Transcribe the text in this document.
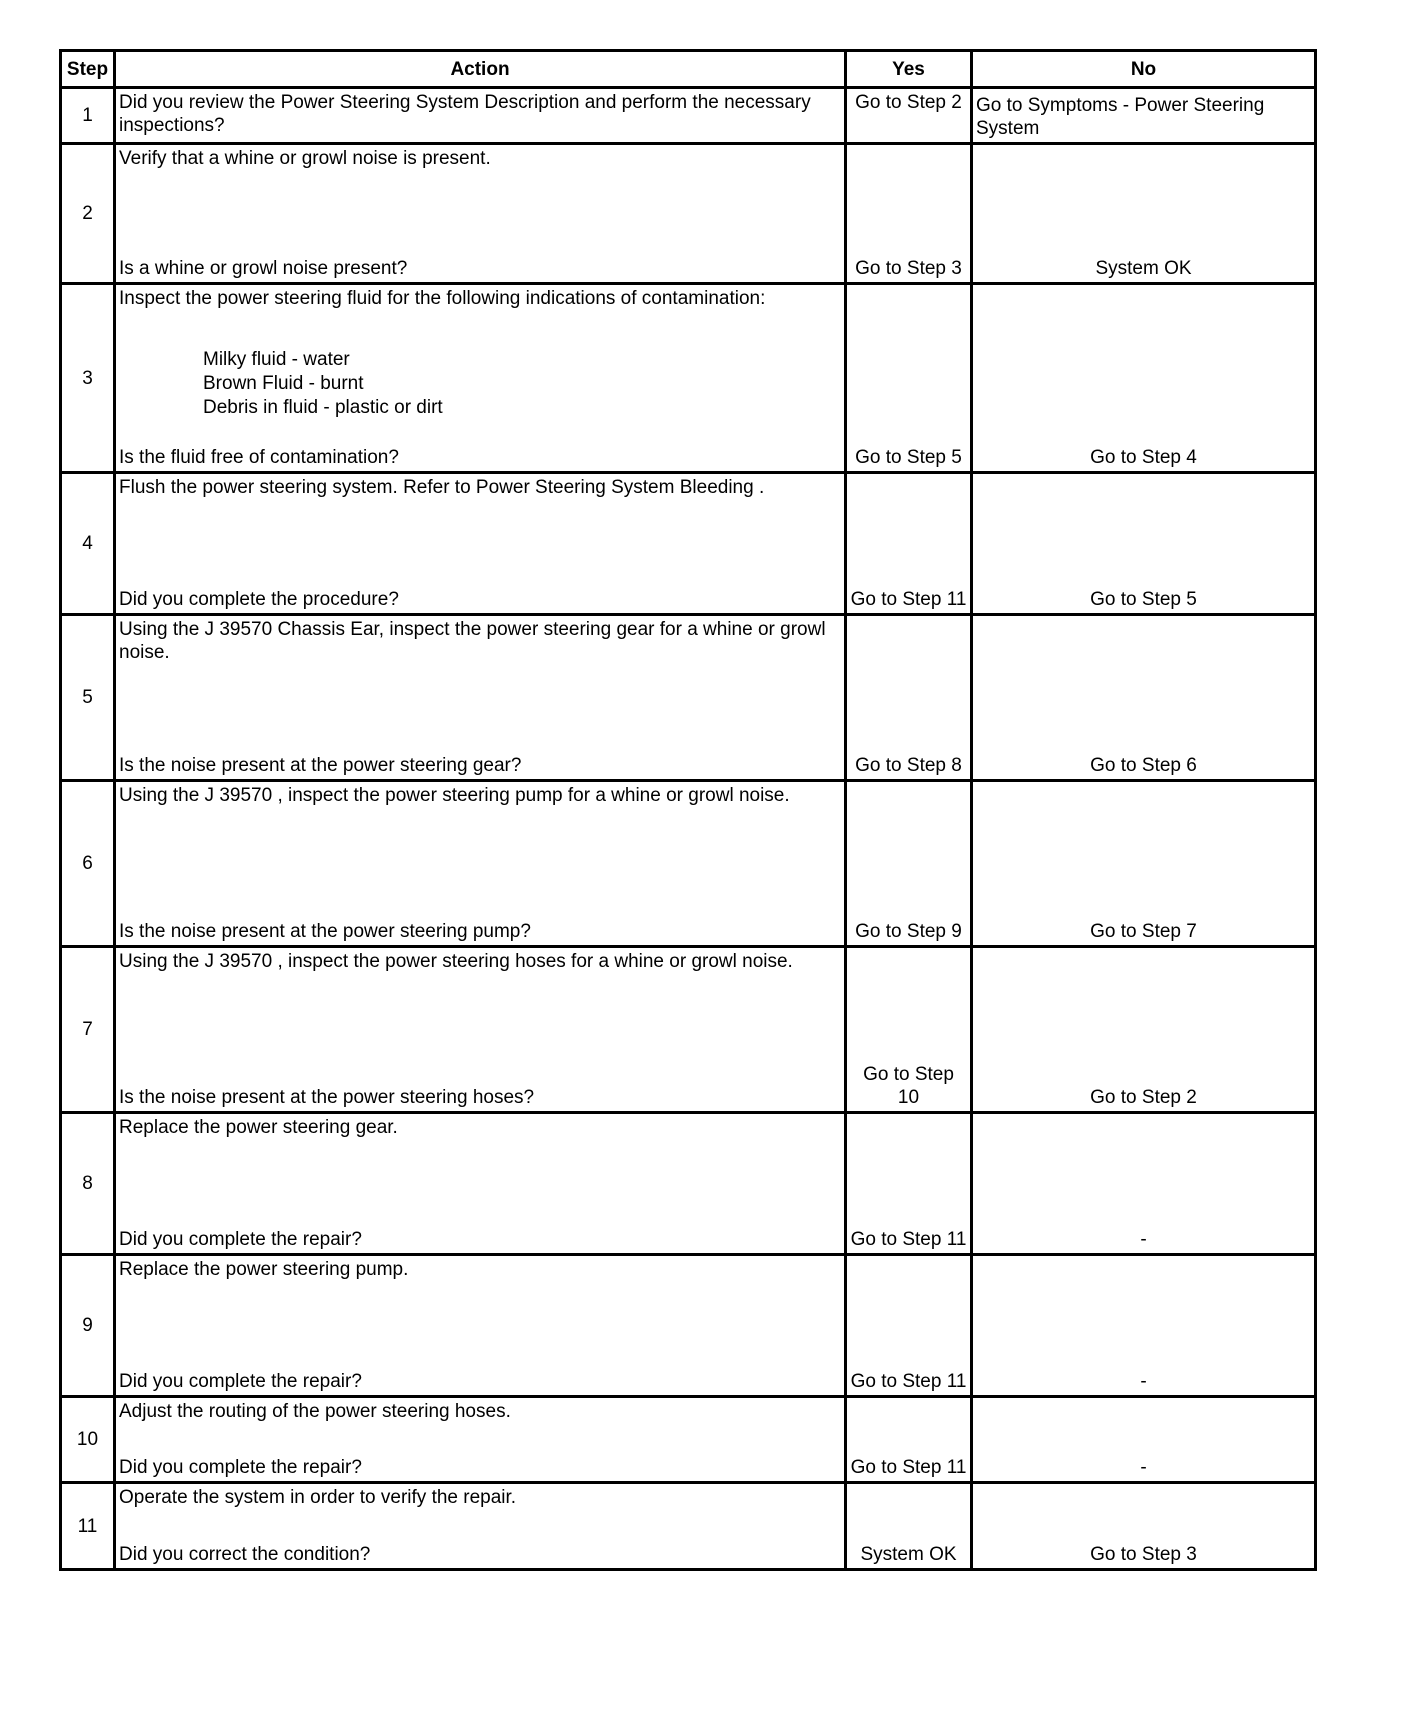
Step	Action	Yes	No
1	Did you review the Power Steering System Description and perform the necessary inspections?	Go to Step 2	Go to Symptoms - Power Steering System
2	Verify that a whine or growl noise is present.
Is a whine or growl noise present?	Go to Step 3	System OK
3	Inspect the power steering fluid for the following indications of contamination:
Milky fluid - water
Brown Fluid - burnt
Debris in fluid - plastic or dirt
Is the fluid free of contamination?	Go to Step 5	Go to Step 4
4	Flush the power steering system. Refer to Power Steering System Bleeding .
Did you complete the procedure?	Go to Step 11	Go to Step 5
5	Using the J 39570 Chassis Ear, inspect the power steering gear for a whine or growl noise.
Is the noise present at the power steering gear?	Go to Step 8	Go to Step 6
6	Using the J 39570 , inspect the power steering pump for a whine or growl noise.
Is the noise present at the power steering pump?	Go to Step 9	Go to Step 7
7	Using the J 39570 , inspect the power steering hoses for a whine or growl noise.
Is the noise present at the power steering hoses?	Go to Step 10	Go to Step 2
8	Replace the power steering gear.
Did you complete the repair?	Go to Step 11	-
9	Replace the power steering pump.
Did you complete the repair?	Go to Step 11	-
10	Adjust the routing of the power steering hoses.
Did you complete the repair?	Go to Step 11	-
11	Operate the system in order to verify the repair.
Did you correct the condition?	System OK	Go to Step 3
